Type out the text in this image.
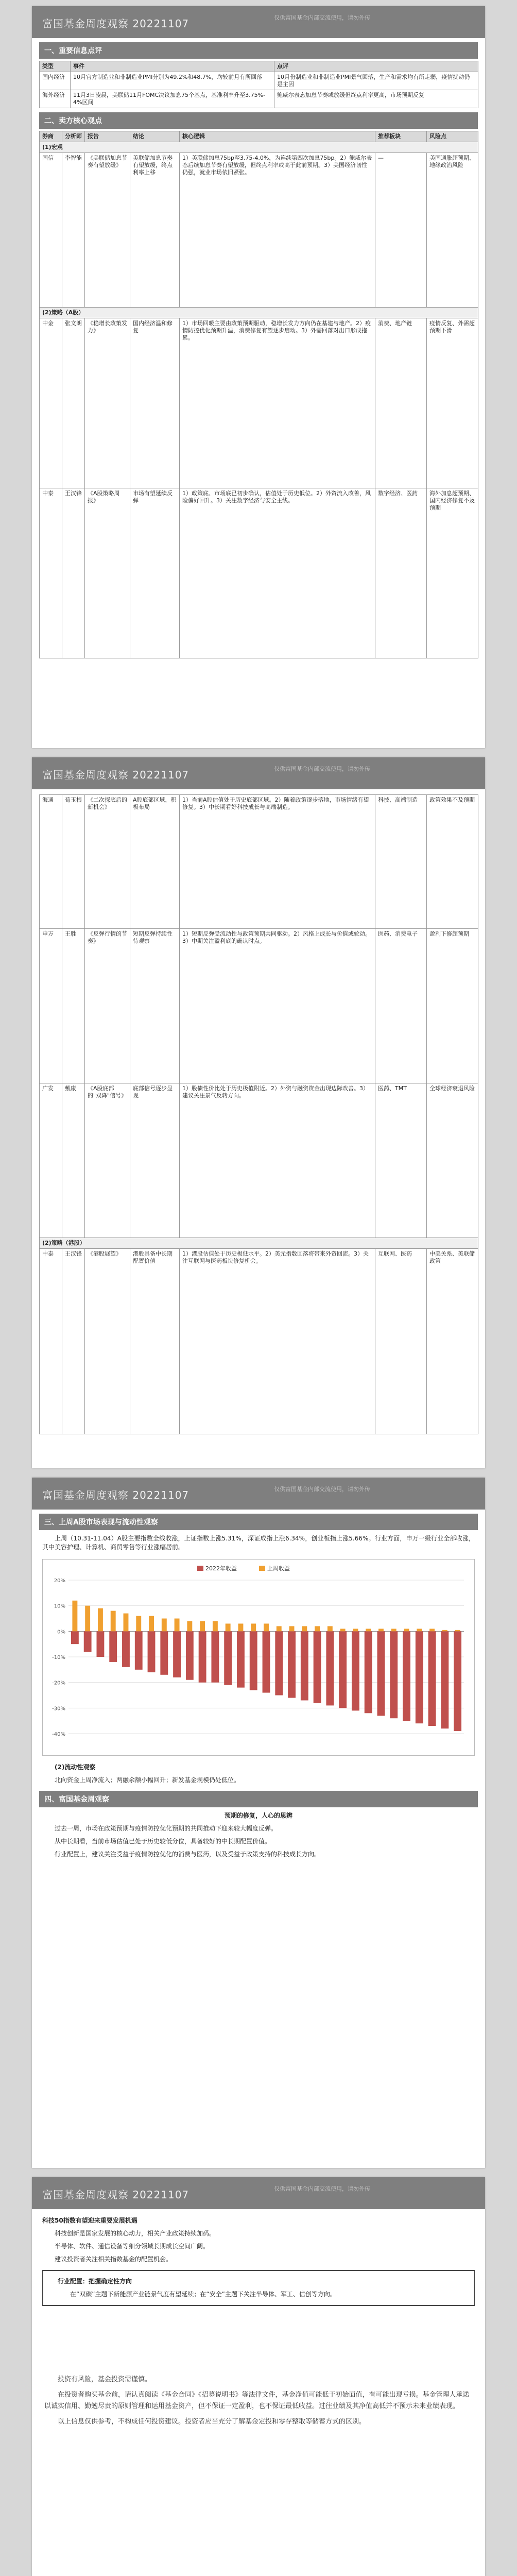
富国基金周度观察 20221107	仅供富国基金内部交流使用，请勿外传
一、重要信息点评
类型	事件	点评
国内经济	10月官方制造业和非制造业PMI分别为49.2%和48.7%，均较前月有所回落	10月份制造业和非制造业PMI景气回落，生产和需求均有所走弱，疫情扰动仍是主因
海外经济	11月3日凌晨，美联储11月FOMC决议加息75个基点，基准利率升至3.75%-4%区间	鲍威尔表态加息节奏或放缓但终点利率更高，市场预期反复
二、卖方核心观点
券商	分析师	报告	结论	核心逻辑	推荐板块	风险点
(1)宏观						
国信	李智能	《美联储加息节奏有望放缓》	美联储加息节奏有望放缓，终点利率上移	1）美联储加息75bp至3.75-4.0%，为连续第四次加息75bp。2）鲍威尔表态后续加息节奏有望放缓，但终点利率或高于此前预期。3）美国经济韧性仍强，就业市场依旧紧张。	—	美国通胀超预期、地缘政治风险
(2)策略（A股）						
中金	张文朗	《稳增长政策发力》	国内经济温和修复	1）市场回暖主要由政策预期驱动，稳增长发力方向仍在基建与地产。2）疫情防控优化预期升温，消费修复有望逐步启动。3）外需回落对出口形成拖累。	消费、地产链	疫情反复、外需超预期下滑
中泰	王汉锋	《A股策略周报》	市场有望延续反弹	1）政策底、市场底已初步确认，估值处于历史低位。2）外资流入改善，风险偏好回升。3）关注数字经济与安全主线。	数字经济、医药	海外加息超预期、国内经济修复不及预期
富国基金周度观察 20221107	仅供富国基金内部交流使用，请勿外传
海通	荀玉根	《二次探底后的新机会》	A股底部区域，积极布局	1）当前A股估值处于历史底部区域。2）随着政策逐步落地，市场情绪有望修复。3）中长期看好科技成长与高端制造。	科技、高端制造	政策效果不及预期
申万	王胜	《反弹行情的节奏》	短期反弹持续性待观察	1）短期反弹受流动性与政策预期共同驱动。2）风格上成长与价值或轮动。3）中期关注盈利底的确认时点。	医药、消费电子	盈利下修超预期
广发	戴康	《A股底部的"双降"信号》	底部信号逐步显现	1）股债性价比处于历史极值附近。2）外资与融资资金出现边际改善。3）建议关注景气反转方向。	医药、TMT	全球经济衰退风险
(2)策略（港股）						
中泰	王汉锋	《港股展望》	港股具备中长期配置价值	1）港股估值处于历史极低水平。2）美元指数回落将带来外资回流。3）关注互联网与医药板块修复机会。	互联网、医药	中美关系、美联储政策
富国基金周度观察 20221107	仅供富国基金内部交流使用，请勿外传
三、上周A股市场表现与流动性观察
上周（10.31-11.04）A股主要指数全线收涨，上证指数上涨5.31%，深证成指上涨6.34%，创业板指上涨5.66%。行业方面，申万一级行业全部收涨，其中美容护理、计算机、商贸零售等行业涨幅居前。
-40%
-30%
-20%
-10%
0%
10%
20%
2022年收益	上周收益
(2)流动性观察
北向资金上周净流入；两融余额小幅回升；新发基金规模仍处低位。
四、富国基金周观察
预期的修复，人心的思辨
过去一周，市场在政策预期与疫情防控优化预期的共同推动下迎来较大幅度反弹。
从中长期看，当前市场估值已处于历史较低分位，具备较好的中长期配置价值。
行业配置上，建议关注受益于疫情防控优化的消费与医药，以及受益于政策支持的科技成长方向。
富国基金周度观察 20221107	仅供富国基金内部交流使用，请勿外传
科技50指数有望迎来重要发展机遇
科技创新是国家发展的核心动力，相关产业政策持续加码。
半导体、软件、通信设备等细分领域长期成长空间广阔。
建议投资者关注相关指数基金的配置机会。
行业配置：把握确定性方向
在“双碳”主题下新能源产业链景气度有望延续；在“安全”主题下关注半导体、军工、信创等方向。
投资有风险，基金投资需谨慎。
在投资者购买基金前，请认真阅读《基金合同》《招募说明书》等法律文件，基金净值可能低于初始面值，有可能出现亏损。基金管理人承诺以诚实信用、勤勉尽责的原则管理和运用基金资产，但不保证一定盈利，也不保证最低收益。过往业绩及其净值高低并不预示未来业绩表现。
以上信息仅供参考，不构成任何投资建议。投资者应当充分了解基金定投和零存整取等储蓄方式的区别。
